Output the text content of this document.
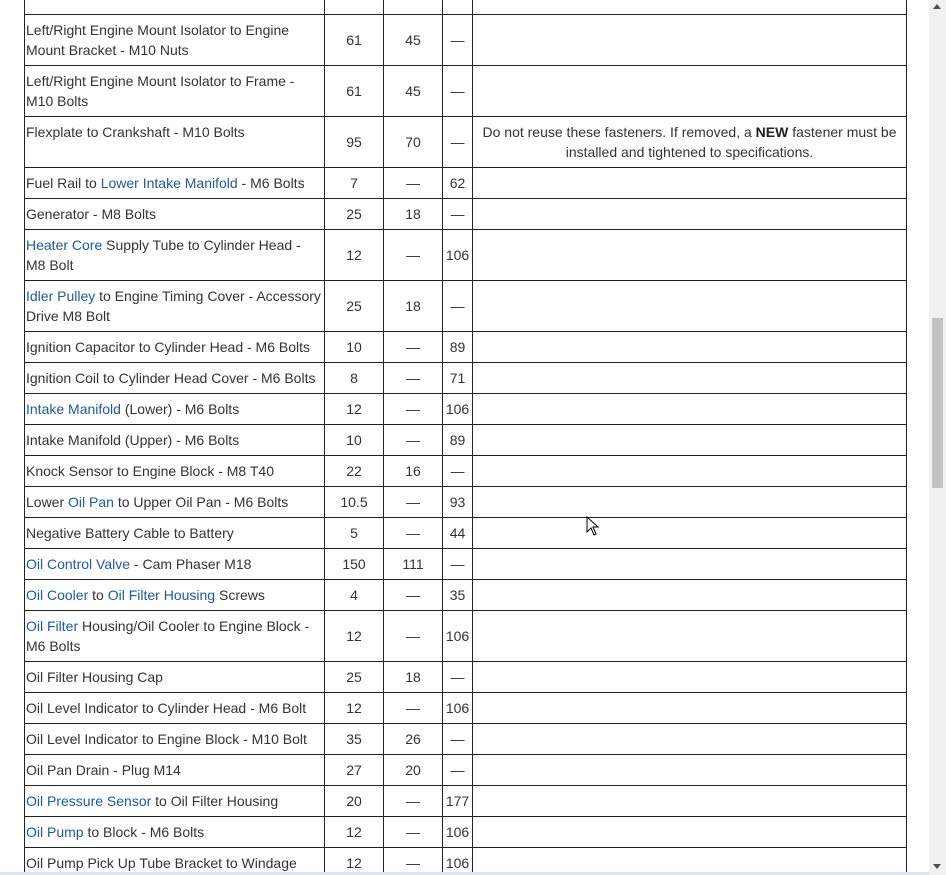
Left/Right Engine Mount Isolator to Engine Mount Bracket - M10 Nuts	61	45	—	
Left/Right Engine Mount Isolator to Frame - M10 Bolts	61	45	—	
Flexplate to Crankshaft - M10 Bolts	95	70	—	Do not reuse these fasteners. If removed, a NEW fastener must be installed and tightened to specifications.
Fuel Rail to Lower Intake Manifold - M6 Bolts	7	—	62	
Generator - M8 Bolts	25	18	—	
Heater Core Supply Tube to Cylinder Head - M8 Bolt	12	—	106	
Idler Pulley to Engine Timing Cover - Accessory Drive M8 Bolt	25	18	—	
Ignition Capacitor to Cylinder Head - M6 Bolts	10	—	89	
Ignition Coil to Cylinder Head Cover - M6 Bolts	8	—	71	
Intake Manifold (Lower) - M6 Bolts	12	—	106	
Intake Manifold (Upper) - M6 Bolts	10	—	89	
Knock Sensor to Engine Block - M8 T40	22	16	—	
Lower Oil Pan to Upper Oil Pan - M6 Bolts	10.5	—	93	
Negative Battery Cable to Battery	5	—	44	
Oil Control Valve - Cam Phaser M18	150	111	—	
Oil Cooler to Oil Filter Housing Screws	4	—	35	
Oil Filter Housing/Oil Cooler to Engine Block - M6 Bolts	12	—	106	
Oil Filter Housing Cap	25	18	—	
Oil Level Indicator to Cylinder Head - M6 Bolt	12	—	106	
Oil Level Indicator to Engine Block - M10 Bolt	35	26	—	
Oil Pan Drain - Plug M14	27	20	—	
Oil Pressure Sensor to Oil Filter Housing	20	—	177	
Oil Pump to Block - M6 Bolts	12	—	106	
Oil Pump Pick Up Tube Bracket to Windage	12	—	106	
